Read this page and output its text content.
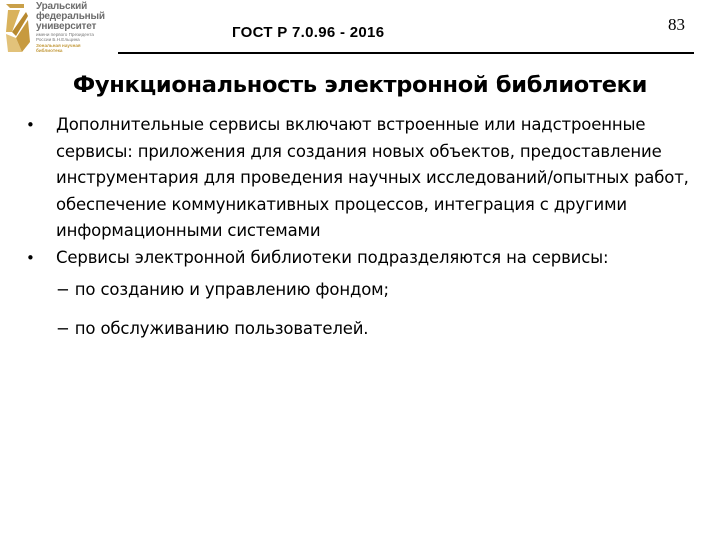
Уральский
федеральный
университет
имени первого Президента
России Б.Н.Ельцина
Зональная научная
библиотека
ГОСТ Р 7.0.96 - 2016	83
Функциональность электронной библиотеки
• Дополнительные сервисы включают встроенные или надстроенные сервисы: приложения для создания новых объектов, предоставление инструментария для проведения научных исследований/опытных работ, обеспечение коммуникативных процессов, интеграция с другими информационными системами
• Сервисы электронной библиотеки подразделяются на сервисы:
− по созданию и управлению фондом;
− по обслуживанию пользователей.
